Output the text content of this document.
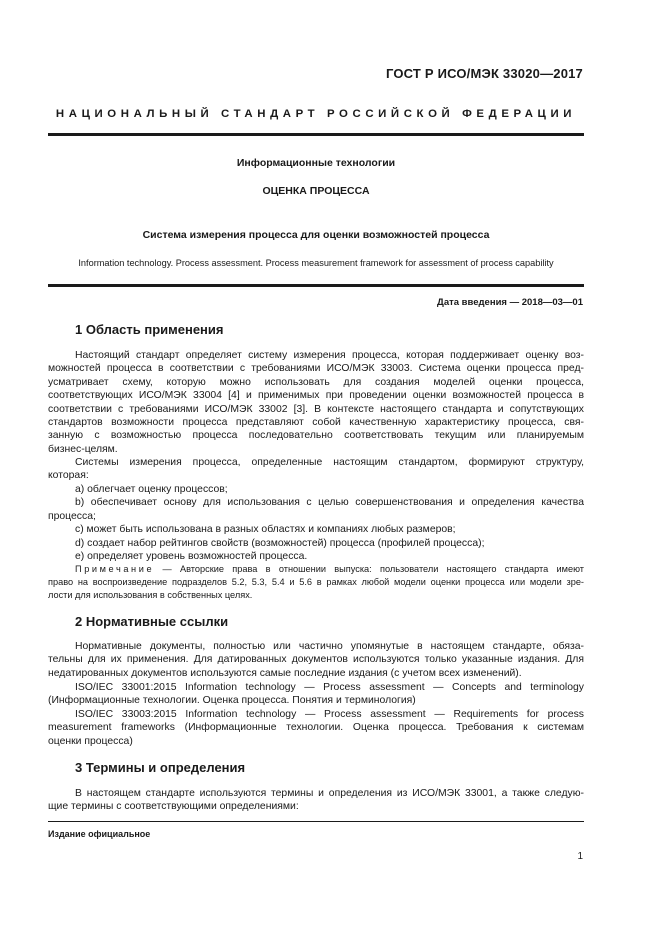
ГОСТ Р ИСО/МЭК 33020—2017
НАЦИОНАЛЬНЫЙ СТАНДАРТ РОССИЙСКОЙ ФЕДЕРАЦИИ
Информационные технологии
ОЦЕНКА ПРОЦЕССА
Система измерения процесса для оценки возможностей процесса
Information technology. Process assessment. Process measurement framework for assessment of process capability
Дата введения — 2018—03—01
1 Область применения
Настоящий стандарт определяет систему измерения процесса, которая поддерживает оценку воз-
можностей процесса в соответствии с требованиями ИСО/МЭК 33003. Система оценки процесса пред-
усматривает схему, которую можно использовать для создания моделей оценки процесса,
соответствующих ИСО/МЭК 33004 [4] и применимых при проведении оценки возможностей процесса в
соответствии с требованиями ИСО/МЭК 33002 [3]. В контексте настоящего стандарта и сопутствующих
стандартов возможности процесса представляют собой качественную характеристику процесса, свя-
занную с возможностью процесса последовательно соответствовать текущим или планируемым
бизнес-целям.
Системы измерения процесса, определенные настоящим стандартом, формируют структуру,
которая:
a) облегчает оценку процессов;
b) обеспечивает основу для использования с целью совершенствования и определения качества
процесса;
c) может быть использована в разных областях и компаниях любых размеров;
d) создает набор рейтингов свойств (возможностей) процесса (профилей процесса);
e) определяет уровень возможностей процесса.
Примечание — Авторские права в отношении выпуска: пользователи настоящего стандарта имеют
право на воспроизведение подразделов 5.2, 5.3, 5.4 и 5.6 в рамках любой модели оценки процесса или модели зре-
лости для использования в собственных целях.
2 Нормативные ссылки
Нормативные документы, полностью или частично упомянутые в настоящем стандарте, обяза-
тельны для их применения. Для датированных документов используются только указанные издания. Для
недатированных документов используются самые последние издания (с учетом всех изменений).
ISO/IEC 33001:2015 Information technology — Process assessment — Concepts and terminology
(Информационные технологии. Оценка процесса. Понятия и терминология)
ISO/IEC 33003:2015 Information technology — Process assessment — Requirements for process
measurement frameworks (Информационные технологии. Оценка процесса. Требования к системам
оценки процесса)
3 Термины и определения
В настоящем стандарте используются термины и определения из ИСО/МЭК 33001, а также следую-
щие термины с соответствующими определениями:
Издание официальное
1
